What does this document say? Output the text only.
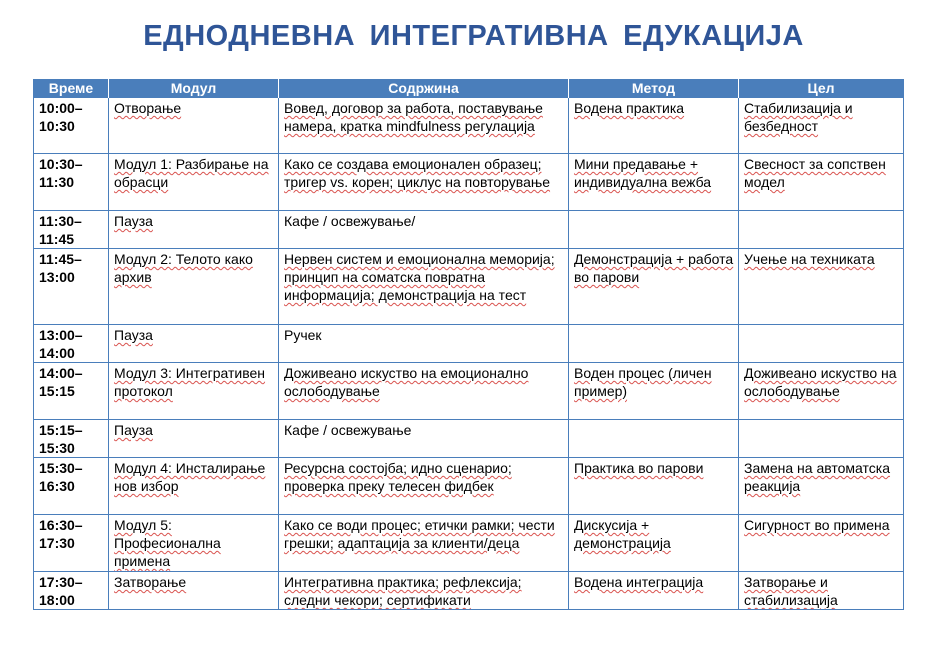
ЕДНОДНЕВНА ИНТЕГРАТИВНА ЕДУКАЦИЈА
Време	Модул	Содржина	Метод	Цел
10:00– 10:30	Отворање	Вовед, договор за работа, поставување намера, кратка mindfulness регулација	Водена практика	Стабилизација и безбедност
10:30– 11:30	Модул 1: Разбирање на обрасци	Како се создава емоционален образец; тригер vs. корен; циклус на повторување	Мини предавање + индивидуална вежба	Свесност за сопствен модел
11:30– 11:45	Пауза	Кафе / освежување/		
11:45– 13:00	Модул 2: Телото како архив	Нервен систем и емоционална меморија; принцип на соматска повратна информација; демонстрација на тест	Демонстрација + работа во парови	Учење на техниката
13:00– 14:00	Пауза	Ручек		
14:00– 15:15	Модул 3: Интегративен протокол	Доживеано искуство на емоционално ослободување	Воден процес (личен пример)	Доживеано искуство на ослободување
15:15– 15:30	Пауза	Кафе / освежување		
15:30– 16:30	Модул 4: Инсталирање нов избор	Ресурсна состојба; идно сценарио; проверка преку телесен фидбек	Практика во парови	Замена на автоматска реакција
16:30– 17:30	Модул 5: Професионална примена	Како се води процес; етички рамки; чести грешки; адаптација за клиенти/деца	Дискусија + демонстрација	Сигурност во примена
17:30– 18:00	Затворање	Интегративна практика; рефлексија; следни чекори; сертификати	Водена интеграција	Затворање и стабилизација
